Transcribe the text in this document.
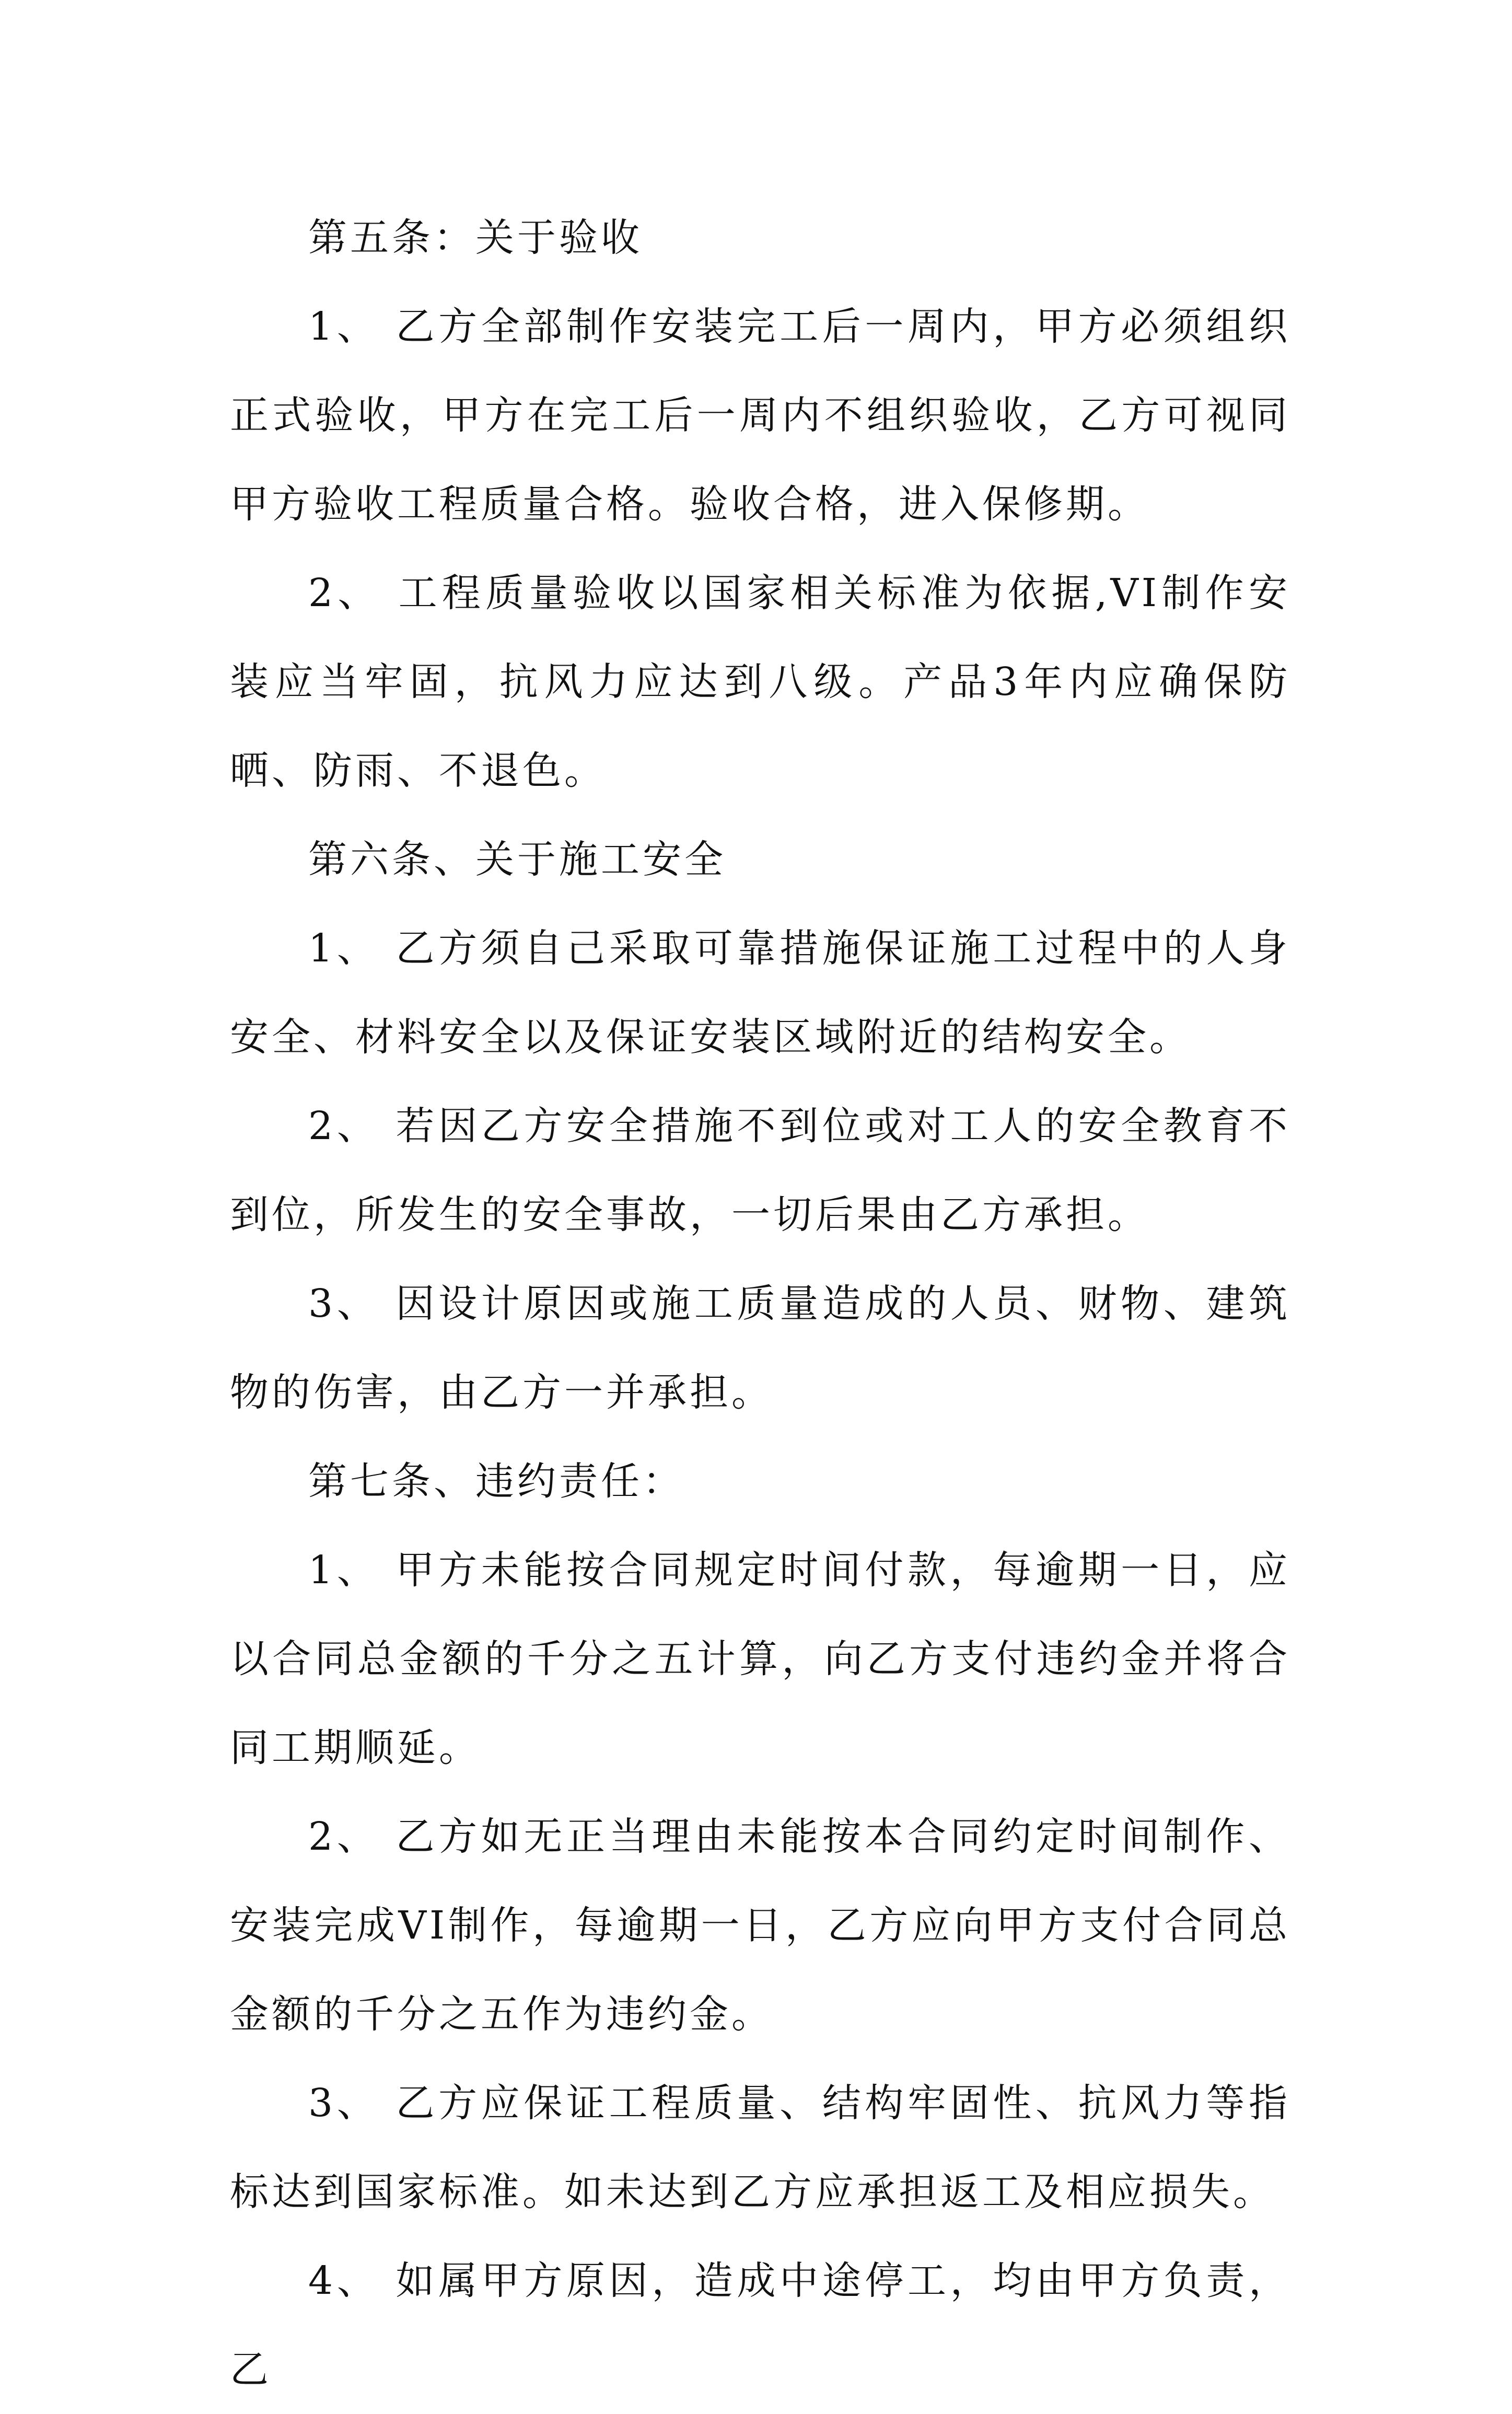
第五条：关于验收

1、 乙方全部制作安装完工后一周内，甲方必须组织正式验收，甲方在完工后一周内不组织验收，乙方可视同甲方验收工程质量合格。验收合格，进入保修期。

2、 工程质量验收以国家相关标准为依据,VI制作安装应当牢固，抗风力应达到八级。产品3年内应确保防晒、防雨、不退色。

第六条、关于施工安全

1、 乙方须自己采取可靠措施保证施工过程中的人身安全、材料安全以及保证安装区域附近的结构安全。

2、 若因乙方安全措施不到位或对工人的安全教育不到位，所发生的安全事故，一切后果由乙方承担。

3、 因设计原因或施工质量造成的人员、财物、建筑物的伤害，由乙方一并承担。

第七条、违约责任：

1、 甲方未能按合同规定时间付款，每逾期一日，应以合同总金额的千分之五计算，向乙方支付违约金并将合同工期顺延。

2、 乙方如无正当理由未能按本合同约定时间制作、安装完成VI制作，每逾期一日，乙方应向甲方支付合同总金额的千分之五作为违约金。

3、 乙方应保证工程质量、结构牢固性、抗风力等指标达到国家标准。如未达到乙方应承担返工及相应损失。

4、 如属甲方原因，造成中途停工，均由甲方负责，乙
